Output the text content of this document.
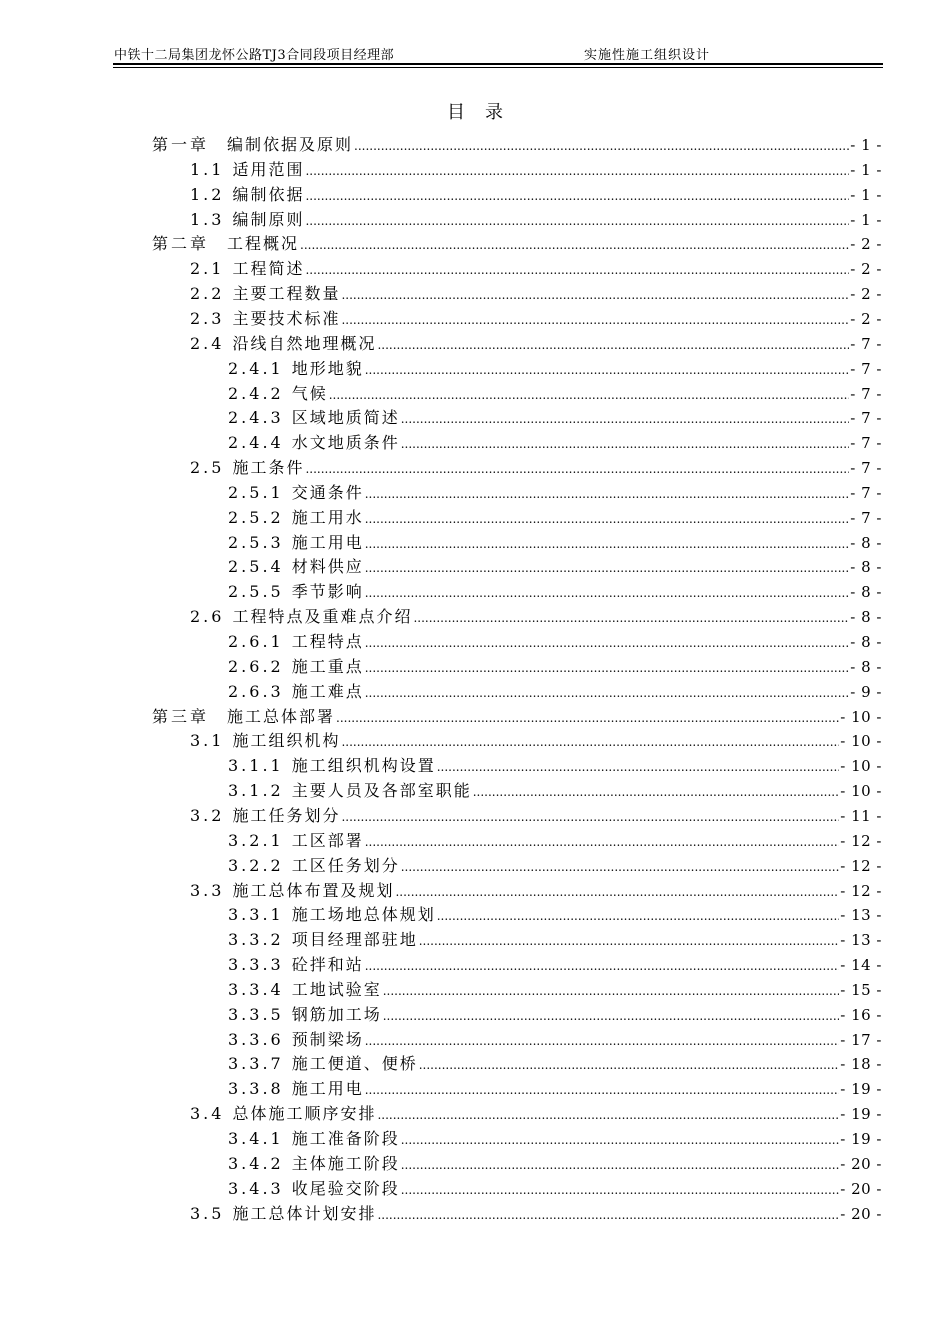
中铁十二局集团龙怀公路TJ3合同段项目经理部	实施性施工组织设计
目录
第一章 编制依据及原则 .....	- 1 -
1.1 适用范围 .....	- 1 -
1.2 编制依据 .....	- 1 -
1.3 编制原则 .....	- 1 -
第二章 工程概况 .....	- 2 -
2.1 工程简述 .....	- 2 -
2.2 主要工程数量 .....	- 2 -
2.3 主要技术标准 .....	- 2 -
2.4 沿线自然地理概况 .....	- 7 -
2.4.1 地形地貌 .....	- 7 -
2.4.2 气候 .....	- 7 -
2.4.3 区域地质简述 .....	- 7 -
2.4.4 水文地质条件 .....	- 7 -
2.5 施工条件 .....	- 7 -
2.5.1 交通条件 .....	- 7 -
2.5.2 施工用水 .....	- 7 -
2.5.3 施工用电 .....	- 8 -
2.5.4 材料供应 .....	- 8 -
2.5.5 季节影响 .....	- 8 -
2.6 工程特点及重难点介绍 .....	- 8 -
2.6.1 工程特点 .....	- 8 -
2.6.2 施工重点 .....	- 8 -
2.6.3 施工难点 .....	- 9 -
第三章 施工总体部署 .....	- 10 -
3.1 施工组织机构 .....	- 10 -
3.1.1 施工组织机构设置 .....	- 10 -
3.1.2 主要人员及各部室职能 .....	- 10 -
3.2 施工任务划分 .....	- 11 -
3.2.1 工区部署 .....	- 12 -
3.2.2 工区任务划分 .....	- 12 -
3.3 施工总体布置及规划 .....	- 12 -
3.3.1 施工场地总体规划 .....	- 13 -
3.3.2 项目经理部驻地 .....	- 13 -
3.3.3 砼拌和站 .....	- 14 -
3.3.4 工地试验室 .....	- 15 -
3.3.5 钢筋加工场 .....	- 16 -
3.3.6 预制梁场 .....	- 17 -
3.3.7 施工便道、便桥 .....	- 18 -
3.3.8 施工用电 .....	- 19 -
3.4 总体施工顺序安排 .....	- 19 -
3.4.1 施工准备阶段 .....	- 19 -
3.4.2 主体施工阶段 .....	- 20 -
3.4.3 收尾验交阶段 .....	- 20 -
3.5 施工总体计划安排 .....	- 20 -
